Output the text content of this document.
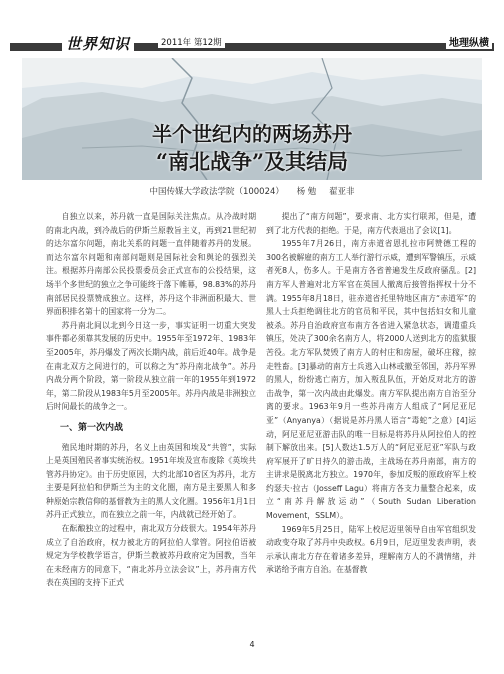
世界知识	2011年 第12期	地理纵横
半个世纪内的两场苏丹
“南北战争”及其结局
中国传媒大学政法学院（100024） 杨 勉 翟亚非

自独立以来，苏丹就一直是国际关注焦点。从冷战时期的南北内战，到冷战后的伊斯兰原教旨主义，再到21世纪初的达尔富尔问题，南北关系的问题一直伴随着苏丹的发展。而达尔富尔问题和南部问题则是国际社会和舆论的强烈关注。根据苏丹南部公民投票委员会正式宣布的公投结果，这场半个多世纪的独立之争可能终于落下帷幕，98.83%的苏丹南部居民投票赞成独立。这样，苏丹这个非洲面积最大、世界面积排名第十的国家将一分为二。

苏丹南北间以北到今日这一步，事实证明一切重大突发事件都必须靠其发展的历史中。1955年至1972年、1983年至2005年，苏丹爆发了两次长期内战，前后近40年。战争是在南北双方之间进行的，可以称之为“苏丹南北战争”。苏丹内战分两个阶段，第一阶段从独立前一年的1955年到1972年，第二阶段从1983年5月至2005年。苏丹内战是非洲独立后时间最长的战争之一。

一、第一次内战

殖民地时期的苏丹，名义上由英国和埃及“共管”，实际上是英国殖民者事实统治权。1951年埃及宣布废除《英埃共管苏丹协定》。由于历史原因，大约北部10省区为苏丹，北方主要是阿拉伯和伊斯兰为主的文化圈，南方是主要黑人和多种原始宗教信仰的基督教为主的黑人文化圈。1956年1月1日苏丹正式独立，而在独立之前一年，内战就已经开始了。

在酝酿独立的过程中，南北双方分歧很大。1954年苏丹成立了自治政府，权力被北方的阿拉伯人掌管。阿拉伯语被规定为学校教学语言，伊斯兰教被苏丹政府定为国教，当年在未经南方的同意下，“南北苏丹立法会议”上，苏丹南方代表在英国的支持下正式

提出了“南方问题”，要求南、北方实行联邦，但是，遭到了北方代表的拒绝。于是，南方代表退出了会议[1]。

1955年7月26日，南方赤道省恩扎拉市阿赞德工程的300名被解雇的南方工人举行游行示威，遭到军警镇压，示威者死8人，伤多人。于是南方各省普遍发生反政府骚乱。[2]南方军人普遍对北方军官在英国人撤离后接管指挥权十分不满。1955年8月18日，驻赤道省托里特地区南方“赤道军”的黑人士兵拒绝调往北方的官员和平民，其中包括妇女和儿童被杀。苏丹自治政府宣布南方各省进入紧急状态，调遣重兵镇压，处决了300余名南方人，将2000人送到北方的监狱服苦役。北方军队焚毁了南方人的村庄和房屋，破坏庄稼，掠走牲畜。[3]暴动的南方士兵逃入山林或撤至邻国，苏丹军界的黑人，纷纷逃亡南方，加入叛乱队伍，开始反对北方的游击战争，第一次内战由此爆发。南方军队提出南方自治至分离的要求。1963年9月一些苏丹南方人组成了“阿尼亚尼亚”（Anyanya）（据说是苏丹黑人语言“毒蛇”之意）[4]运动，阿尼亚尼亚游击队的唯一目标是将苏丹从阿拉伯人的控制下解放出来。[5]人数达1.5万人的“阿尼亚尼亚”军队与政府军展开了旷日持久的游击战，主战场在苏丹南部，南方的主讲求是脱离北方独立。1970年，参加反叛的原政府军上校约瑟夫·拉古（Josseff Lagu）将南方各支力量整合起来，成立“南苏丹解放运动”（South Sudan Liberation Movement，SSLM）。

1969年5月25日，陆军上校尼迈里领导自由军官组织发动政变夺取了苏丹中央政权。6月9日，尼迈里发表声明，表示承认南北方存在着诸多差异，理解南方人的不满情绪，并承诺给予南方自治。在基督教

4
